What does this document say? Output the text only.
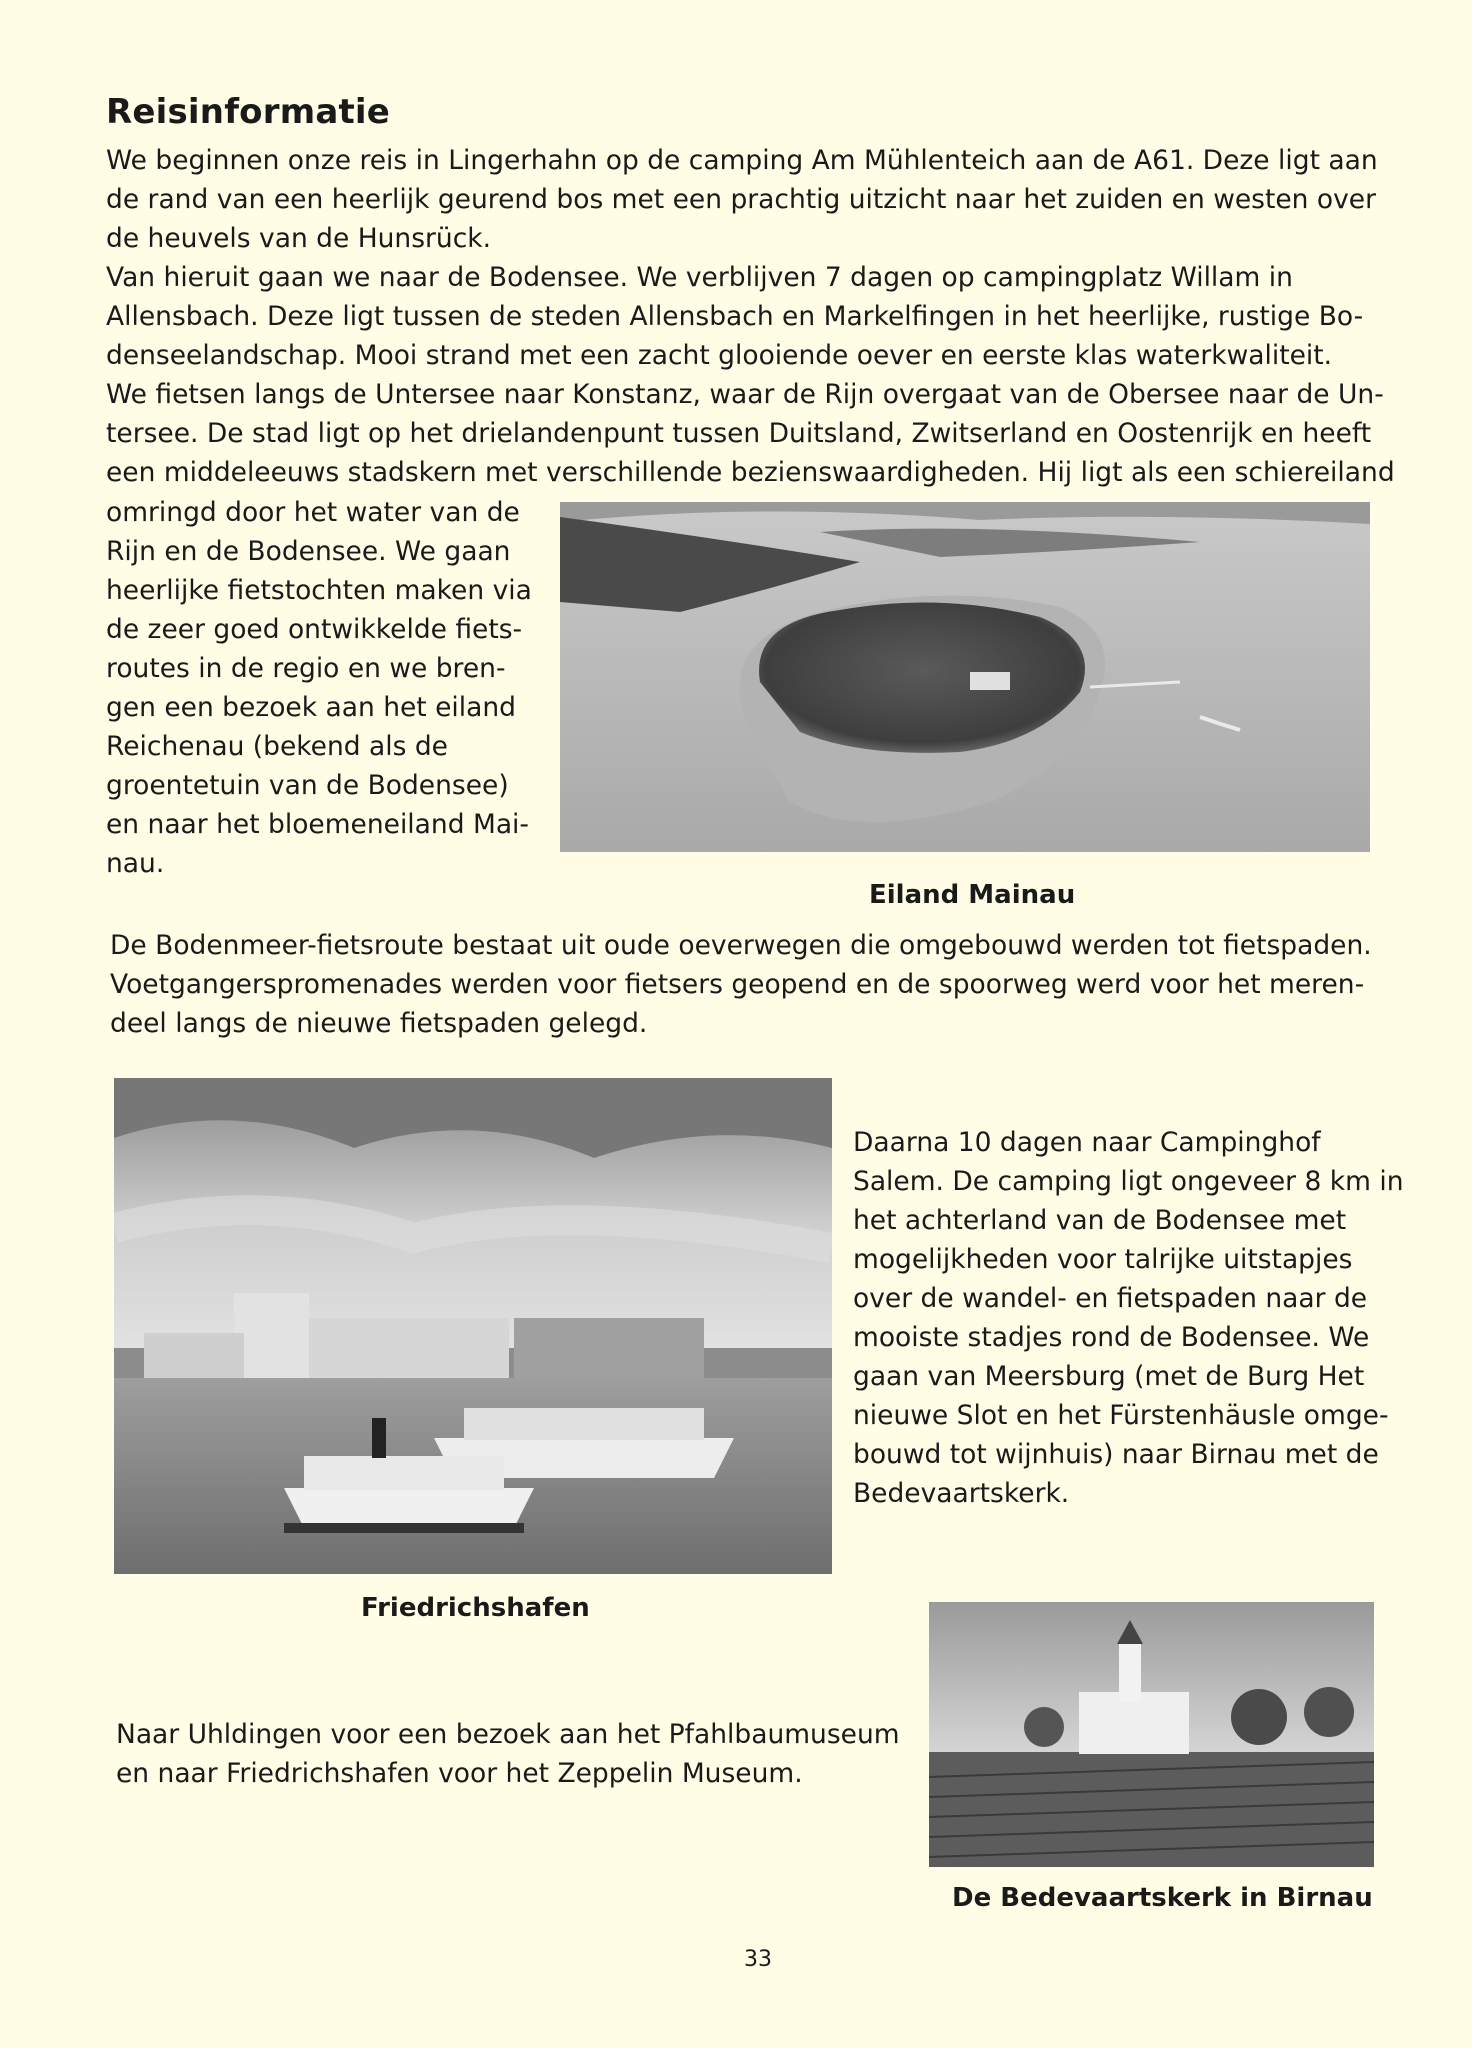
Reisinformatie
We beginnen onze reis in Lingerhahn op de camping Am Mühlenteich aan de A61. Deze ligt aan
de rand van een heerlijk geurend bos met een prachtig uitzicht naar het zuiden en westen over
de heuvels van de Hunsrück.
Van hieruit gaan we naar de Bodensee. We verblijven 7 dagen op campingplatz Willam in
Allensbach. Deze ligt tussen de steden Allensbach en Markelfingen in het heerlijke, rustige Bo-
denseelandschap. Mooi strand met een zacht glooiende oever en eerste klas waterkwaliteit.
We fietsen langs de Untersee naar Konstanz, waar de Rijn overgaat van de Obersee naar de Un-
tersee. De stad ligt op het drielandenpunt tussen Duitsland, Zwitserland en Oostenrijk en heeft
een middeleeuws stadskern met verschillende bezienswaardigheden. Hij ligt als een schiereiland
omringd door het water van de
Rijn en de Bodensee. We gaan
heerlijke fietstochten maken via
de zeer goed ontwikkelde fiets-
routes in de regio en we bren-
gen een bezoek aan het eiland
Reichenau (bekend als de
groentetuin van de Bodensee)
en naar het bloemeneiland Mai-
nau.
Eiland Mainau
De Bodenmeer-fietsroute bestaat uit oude oeverwegen die omgebouwd werden tot fietspaden.
Voetgangerspromenades werden voor fietsers geopend en de spoorweg werd voor het meren-
deel langs de nieuwe fietspaden gelegd.
Friedrichshafen
Daarna 10 dagen naar Campinghof
Salem. De camping ligt ongeveer 8 km in
het achterland van de Bodensee met
mogelijkheden voor talrijke uitstapjes
over de wandel- en fietspaden naar de
mooiste stadjes rond de Bodensee. We
gaan van Meersburg (met de Burg Het
nieuwe Slot en het Fürstenhäusle omge-
bouwd tot wijnhuis) naar Birnau met de
Bedevaartskerk.
Naar Uhldingen voor een bezoek aan het Pfahlbaumuseum
en naar Friedrichshafen voor het Zeppelin Museum.
De Bedevaartskerk in Birnau
33
